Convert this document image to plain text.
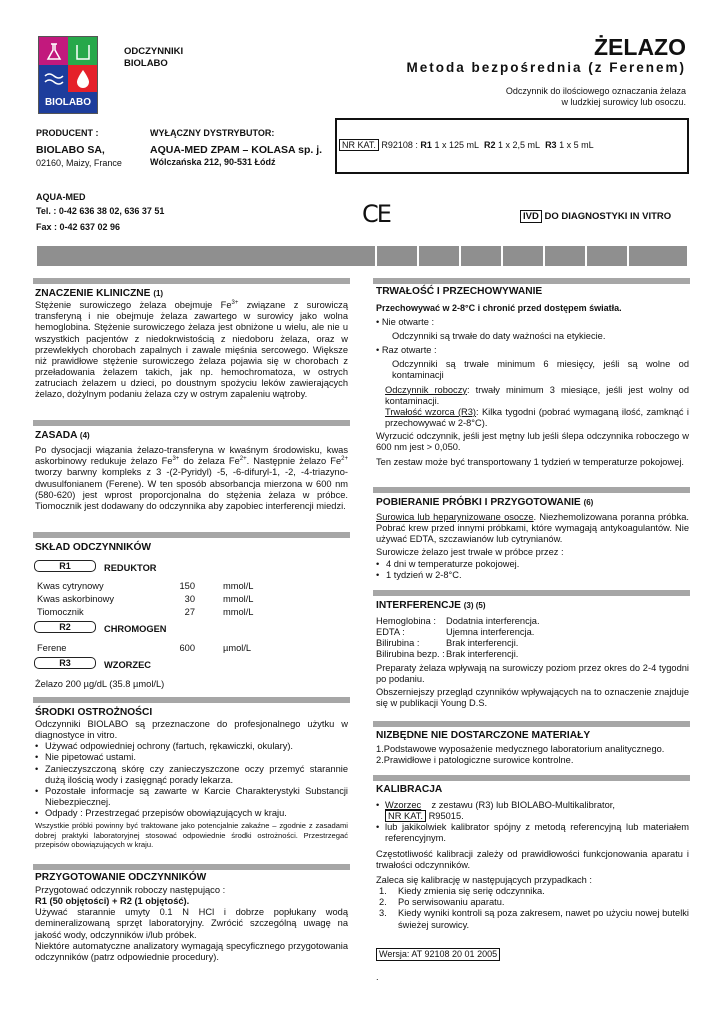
BIOLABO
ODCZYNNIKI
BIOLABO
ŻELAZO
Metoda bezpośrednia (z Ferenem)
Odczynnik do ilościowego oznaczania żelaza
w ludzkiej surowicy lub osoczu.
PRODUCENT :
BIOLABO SA,
02160, Maizy, France
WYŁĄCZNY DYSTRYBUTOR:
AQUA-MED ZPAM – KOLASA sp. j.
Wólczańska 212, 90-531 Łódź
NR KAT. R92108 : R1 1 x 125 mL R2 1 x 2,5 mL R3 1 x 5 mL
AQUA-MED
Tel. : 0-42 636 38 02, 636 37 51
Fax : 0-42 637 02 96	CE	IVD DO DIAGNOSTYKI IN VITRO
ZNACZENIE KLINICZNE (1)
Stężenie surowiczego żelaza obejmuje $Fe^{3+}$ związane z surowiczą transferyną i nie obejmuje żelaza zawartego w surowicy jako wolna hemoglobina. Stężenie surowiczego żelaza jest obniżone u wielu, ale nie u wszystkich pacjentów z niedokrwistością z niedoboru żelaza, oraz w przewlekłych chorobach zapalnych i zawale mięśnia sercowego. Większe niż prawidłowe stężenie surowiczego żelaza pojawia się w chorobach z przeładowania żelazem takich, jak np. hemochromatoza, w ostrych zatruciach żelazem u dzieci, po doustnym spożyciu leków zawierających żelazo, dożylnym podaniu żelaza czy w ostrym zapaleniu wątroby.
ZASADA (4)
Po dysocjacji wiązania żelazo-transferyna w kwaśnym środowisku, kwas askorbinowy redukuje żelazo $Fe^{3+}$ do żelaza $Fe^{2+}$. Następnie żelazo $Fe^{2+}$ tworzy barwny kompleks z 3 -(2-Pyridyl) -5, -6-difuryl-1, -2, -4-triazyno-dwusulfonianem (Ferene). W ten sposób absorbancja mierzona w 600 nm (580-620) jest wprost proporcjonalna do stężenia żelaza w próbce. Tiomocznik jest dodawany do odczynnika aby zapobiec interferencji miedzi.
SKŁAD ODCZYNNIKÓW
R1	REDUKTOR
Kwas cytrynowy	150	mmol/L
Kwas askorbinowy	30	mmol/L
Tiomocznik	27	mmol/L
R2	CHROMOGEN
Ferene	600	µmol/L
R3	WZORZEC
Żelazo 200 µg/dL (35.8 µmol/L)
ŚRODKI OSTROŻNOŚCI
Odczynniki BIOLABO są przeznaczone do profesjonalnego użytku w diagnostyce in vitro.
• Używać odpowiedniej ochrony (fartuch, rękawiczki, okulary).
• Nie pipetować ustami.
• Zanieczyszczoną skórę czy zanieczyszczone oczy przemyć starannie dużą ilością wody i zasięgnąć porady lekarza.
• Pozostałe informacje są zawarte w Karcie Charakterystyki Substancji Niebezpiecznej.
• Odpady : Przestrzegać przepisów obowiązujących w kraju.
Wszystkie próbki powinny być traktowane jako potencjalnie zakaźne – zgodnie z zasadami dobrej praktyki laboratoryjnej stosować odpowiednie środki ostrożności. Przestrzegać przepisów obowiązujących w kraju.
PRZYGOTOWANIE ODCZYNNIKÓW
Przygotować odczynnik roboczy następująco :
R1 (50 objętości) + R2 (1 objętość).
Używać starannie umyty 0.1 N HCl i dobrze popłukany wodą demineralizowaną sprzęt laboratoryjny. Zwrócić szczególną uwagę na jakość wody, odczynników i/lub próbek.
Niektóre automatyczne analizatory wymagają specyficznego przygotowania odczynników (patrz odpowiednie procedury).
TRWAŁOŚĆ I PRZECHOWYWANIE
Przechowywać w 2-8°C i chronić przed dostępem światła.
• Nie otwarte :
Odczynniki są trwałe do daty ważności na etykiecie.
• Raz otwarte :
Odczynniki są trwałe minimum 6 miesięcy, jeśli są wolne od kontaminacji
Odczynnik roboczy: trwały minimum 3 miesiące, jeśli jest wolny od kontaminacji.
Trwałość wzorca (R3): Kilka tygodni (pobrać wymaganą ilość, zamknąć i przechowywać w 2-8°C).
Wyrzucić odczynnik, jeśli jest mętny lub jeśli ślepa odczynnika roboczego w 600 nm jest > 0,050.
Ten zestaw może być transportowany 1 tydzień w temperaturze pokojowej.
POBIERANIE PRÓBKI I PRZYGOTOWANIE (6)
Surowica lub heparynizowane osocze. Niezhemolizowana poranna próbka. Pobrać krew przed innymi próbkami, które wymagają antykoagulantów. Nie używać EDTA, szczawianów lub cytrynianów.
Surowicze żelazo jest trwałe w próbce przez :
• 4 dni w temperaturze pokojowej.
• 1 tydzień w 2-8°C.
INTERFERENCJE (3) (5)
Hemoglobina : Dodatnia interferencja.
EDTA :	Ujemna interferencja.
Bilirubina :	Brak interferencji.
Bilirubina bezp. :Brak interferencji.
Preparaty żelaza wpływają na surowiczy poziom przez okres do 2-4 tygodni po podaniu.
Obszerniejszy przegląd czynników wpływających na to oznaczenie znajduje się w publikacji Young D.S.
NIZBĘDNE NIE DOSTARCZONE MATERIAŁY
1.Podstawowe wyposażenie medycznego laboratorium analitycznego.
2.Prawidłowe i patologiczne surowice kontrolne.
KALIBRACJA
• Wzorzec z zestawu (R3) lub BIOLABO-Multikalibrator,
NR KAT. R95015.
• lub jakikolwiek kalibrator spójny z metodą referencyjną lub materiałem referencyjnym.
Częstotliwość kalibracji zależy od prawidłowości funkcjonowania aparatu i trwałości odczynników.
Zaleca się kalibrację w następujących przypadkach :
1. Kiedy zmienia się serię odczynnika.
2. Po serwisowaniu aparatu.
3. Kiedy wyniki kontroli są poza zakresem, nawet po użyciu nowej butelki świeżej surowicy.
Wersja: AT 92108 20 01 2005
.
